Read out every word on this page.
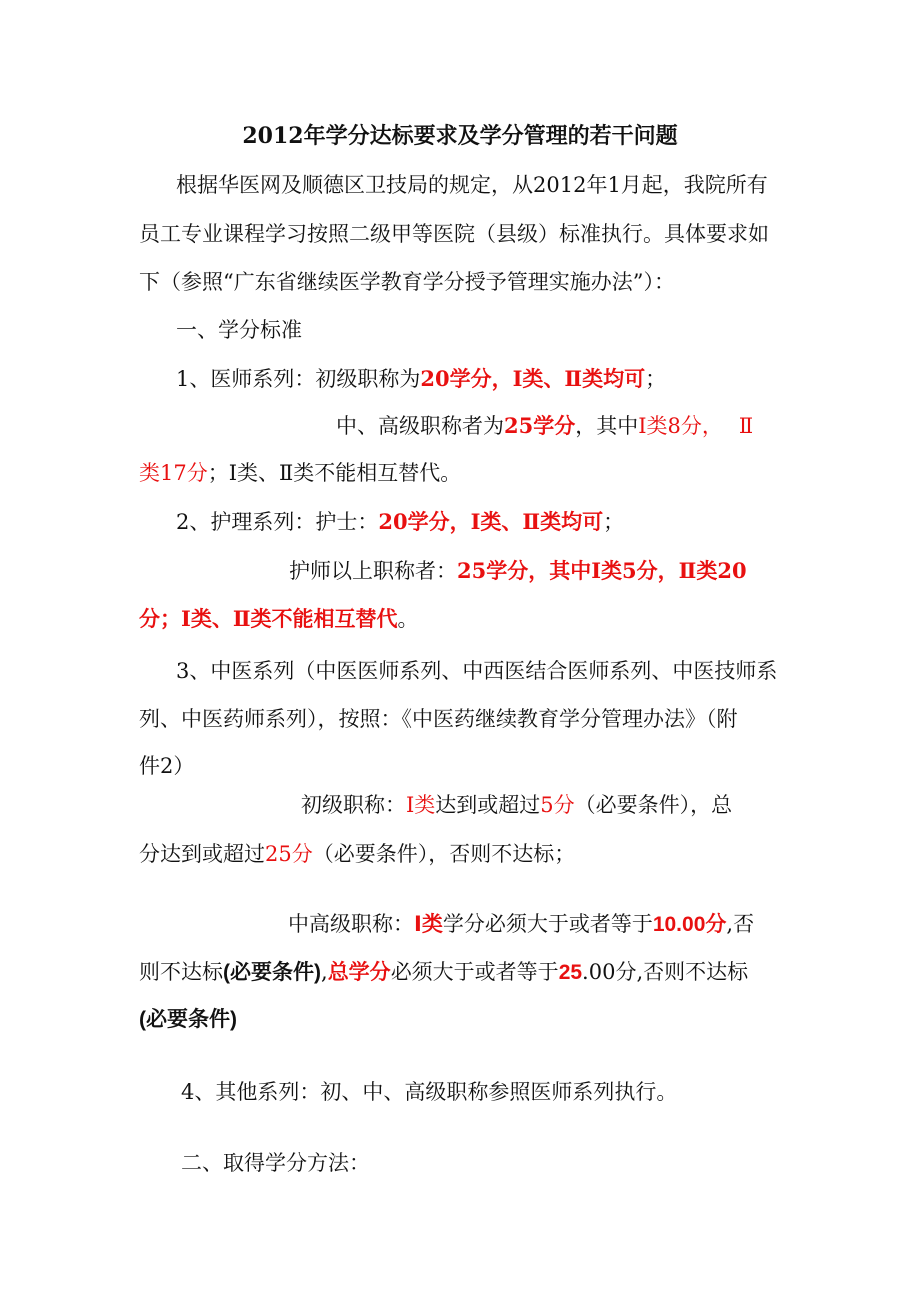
2012年学分达标要求及学分管理的若干问题
根据华医网及顺德区卫技局的规定，从2012年1月起，我院所有
员工专业课程学习按照二级甲等医院（县级）标准执行。具体要求如
下（参照“广东省继续医学教育学分授予管理实施办法”）：
一、学分标准
1、医师系列：初级职称为20学分，Ⅰ类、Ⅱ类均可；
中、高级职称者为25学分，其中Ⅰ类8分， Ⅱ
类17分；Ⅰ类、Ⅱ类不能相互替代。
2、护理系列：护士：20学分，Ⅰ类、Ⅱ类均可；
护师以上职称者：25学分，其中Ⅰ类5分，Ⅱ类20
分；Ⅰ类、Ⅱ类不能相互替代。
3、中医系列（中医医师系列、中西医结合医师系列、中医技师系
列、中医药师系列），按照：《中医药继续教育学分管理办法》（附
件2）
初级职称：Ⅰ类达到或超过5分（必要条件），总
分达到或超过25分（必要条件），否则不达标；
中高级职称：Ⅰ类学分必须大于或者等于10.00分,否
则不达标(必要条件),总学分必须大于或者等于25.00分,否则不达标
(必要条件)
4、其他系列：初、中、高级职称参照医师系列执行。
二、取得学分方法：
